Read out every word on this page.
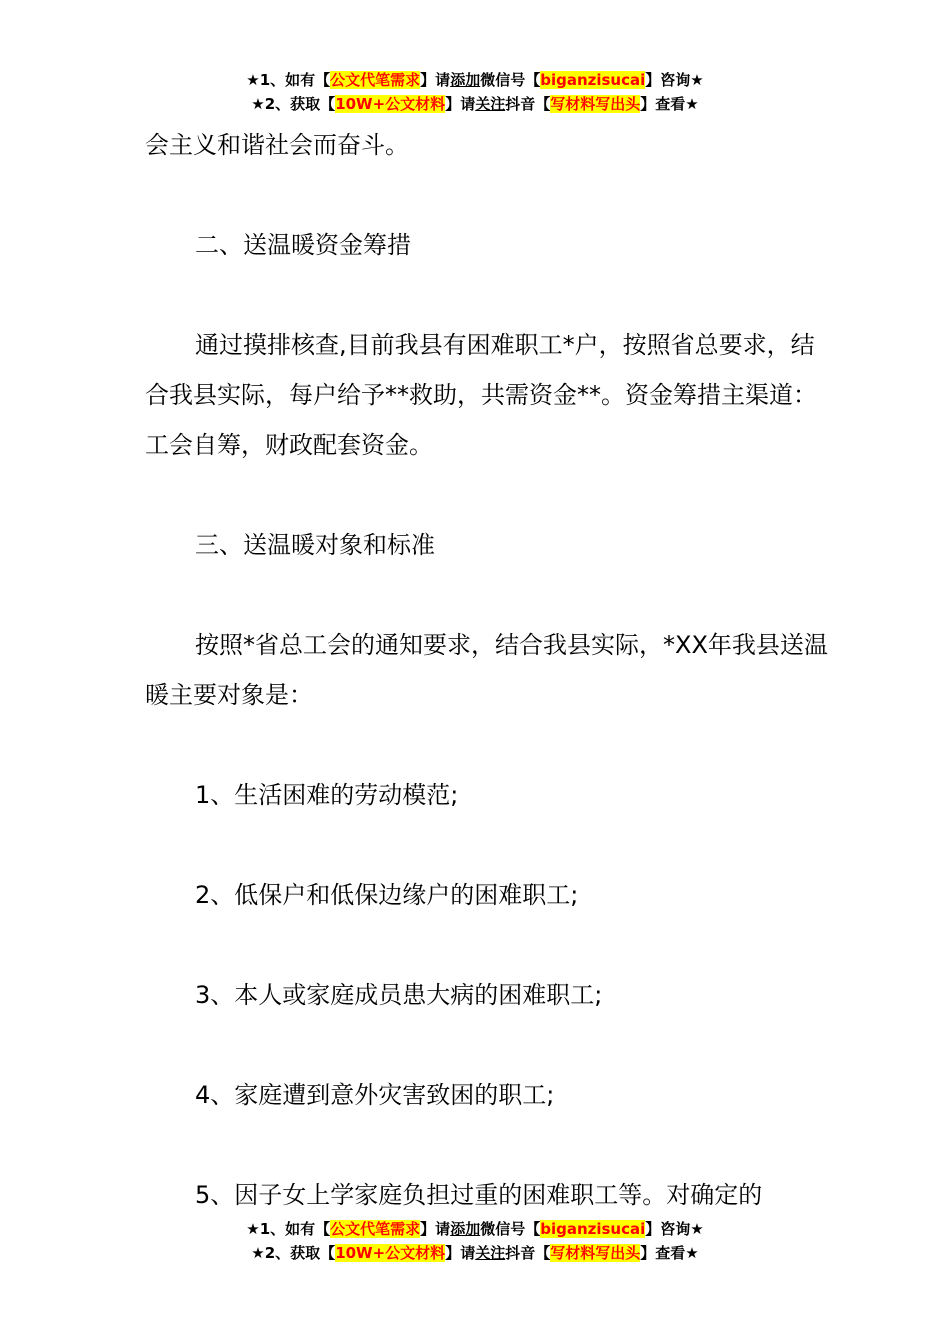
★1、如有【公文代笔需求】请添加微信号【biganzisucai】咨询★
★2、获取【10W+公文材料】请关注抖音【写材料写出头】查看★

会主义和谐社会而奋斗。

二、送温暖资金筹措

通过摸排核查,目前我县有困难职工*户，按照省总要求，结合我县实际，每户给予**救助，共需资金**。资金筹措主渠道：工会自筹，财政配套资金。

三、送温暖对象和标准

按照*省总工会的通知要求，结合我县实际，*XX年我县送温暖主要对象是：

1、生活困难的劳动模范;

2、低保户和低保边缘户的困难职工;

3、本人或家庭成员患大病的困难职工;

4、家庭遭到意外灾害致困的职工;

5、因子女上学家庭负担过重的困难职工等。对确定的

★1、如有【公文代笔需求】请添加微信号【biganzisucai】咨询★
★2、获取【10W+公文材料】请关注抖音【写材料写出头】查看★
